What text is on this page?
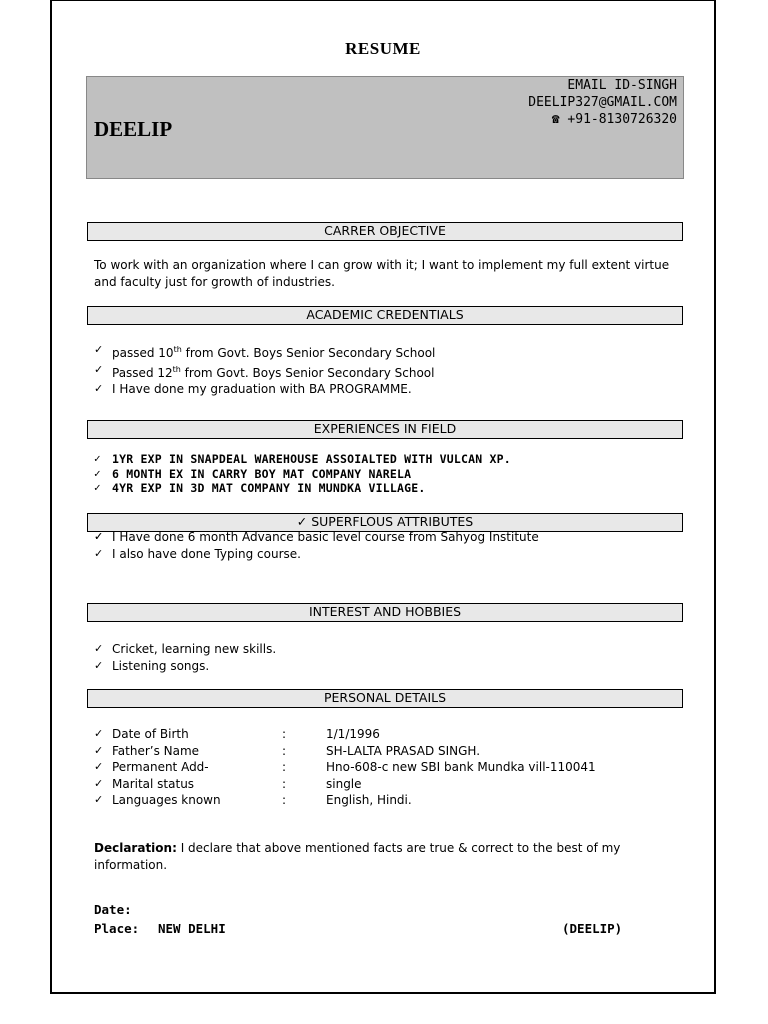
RESUME
DEELIP
EMAIL ID-SINGH
DEELIP327@GMAIL.COM
☎ +91-8130726320
CARRER OBJECTIVE
To work with an organization where I can grow with it; I want to implement my full extent virtue and faculty just for growth of industries.
ACADEMIC CREDENTIALS
✓ passed 10th from Govt. Boys Senior Secondary School
✓ Passed 12th from Govt. Boys Senior Secondary School
✓ I Have done my graduation with BA PROGRAMME.
EXPERIENCES IN FIELD
✓ 1YR EXP IN SNAPDEAL WAREHOUSE ASSOIALTED WITH VULCAN XP.
✓ 6 MONTH EX IN CARRY BOY MAT COMPANY NARELA
✓ 4YR EXP IN 3D MAT COMPANY IN MUNDKA VILLAGE.
✓ SUPERFLOUS ATTRIBUTES
✓ I Have done 6 month Advance basic level course from Sahyog Institute
✓ I also have done Typing course.
INTEREST AND HOBBIES
✓ Cricket, learning new skills.
✓ Listening songs.
PERSONAL DETAILS
✓ Date of Birth	:	1/1/1996
✓ Father’s Name	:	SH-LALTA PRASAD SINGH.
✓ Permanent Add-	:	Hno-608-c new SBI bank Mundka vill-110041
✓ Marital status	:	single
✓ Languages known	:	English, Hindi.
Declaration: I declare that above mentioned facts are true & correct to the best of my information.
Date:
Place: NEW DELHI	(DEELIP)
